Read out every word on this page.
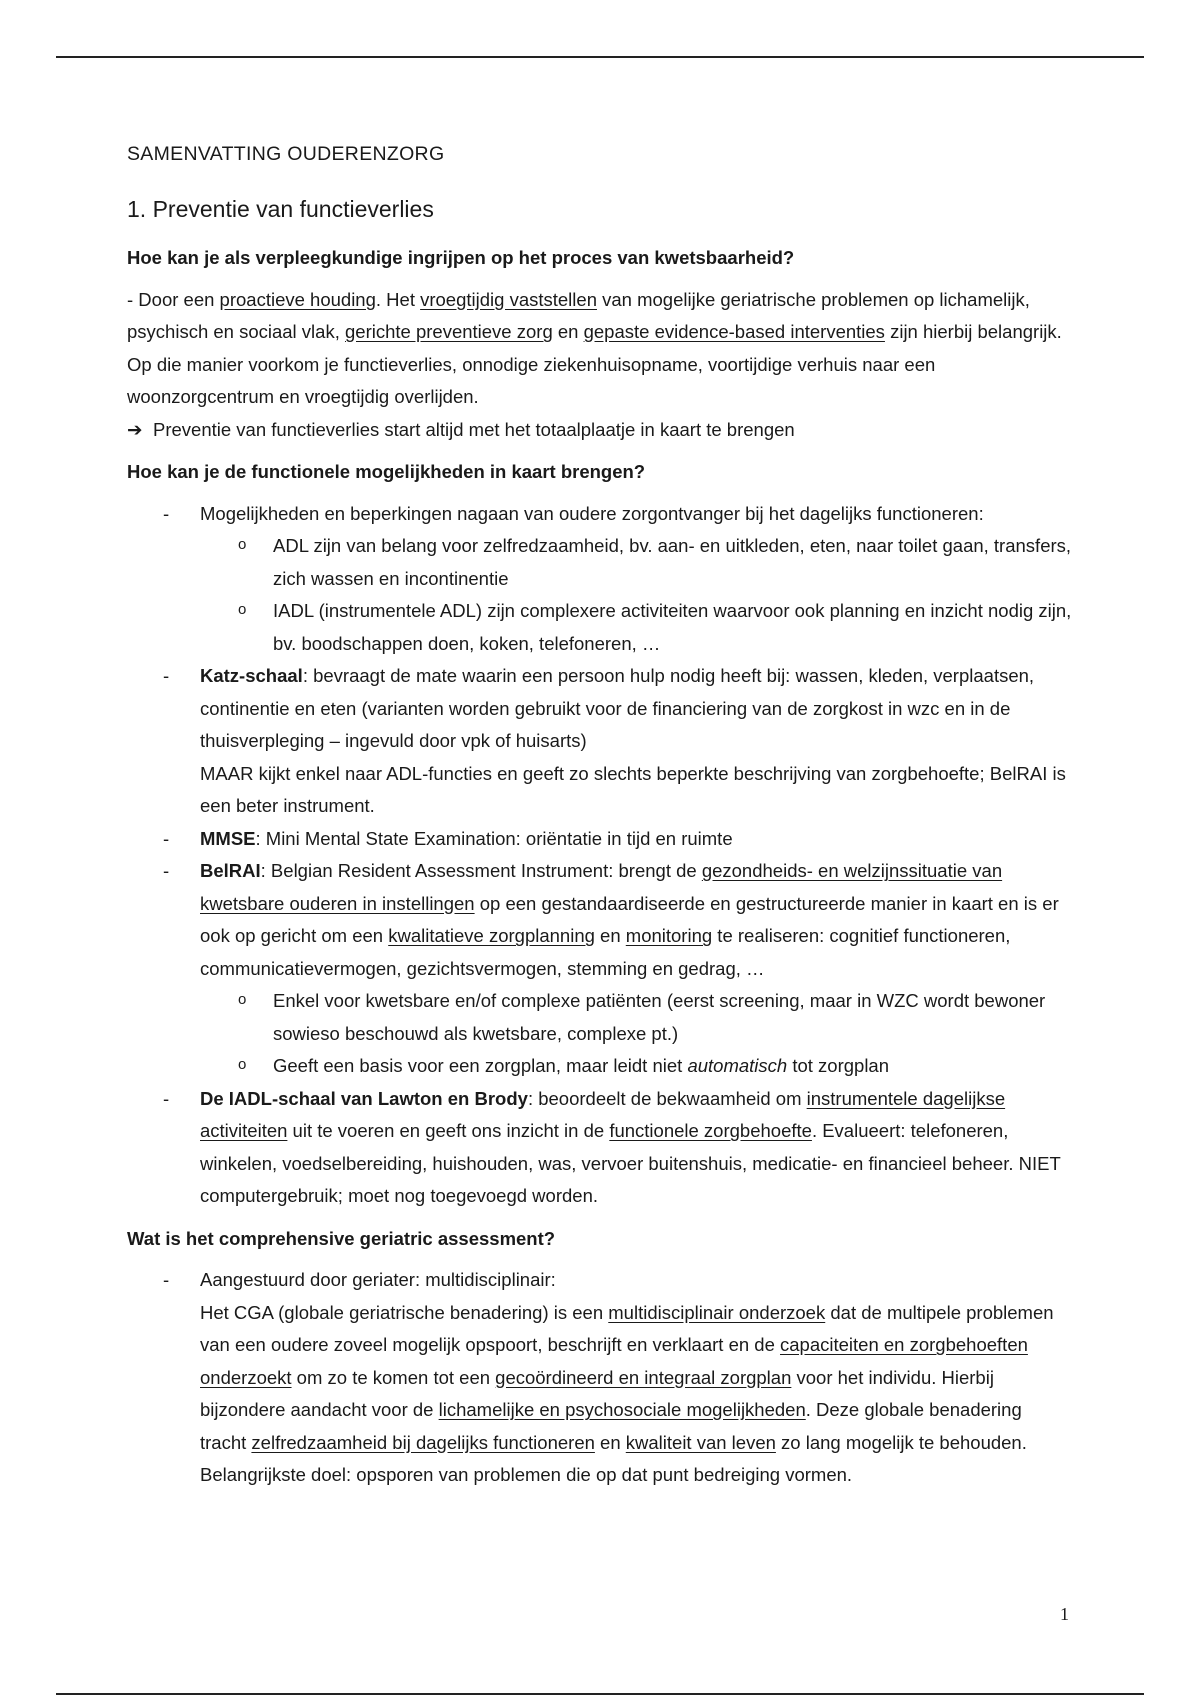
SAMENVATTING OUDERENZORG
1. Preventie van functieverlies
Hoe kan je als verpleegkundige ingrijpen op het proces van kwetsbaarheid?

- Door een proactieve houding. Het vroegtijdig vaststellen van mogelijke geriatrische problemen op lichamelijk, psychisch en sociaal vlak, gerichte preventieve zorg en gepaste evidence-based interventies zijn hierbij belangrijk. Op die manier voorkom je functieverlies, onnodige ziekenhuisopname, voortijdige verhuis naar een woonzorgcentrum en vroegtijdig overlijden.

➔ Preventie van functieverlies start altijd met het totaalplaatje in kaart te brengen

Hoe kan je de functionele mogelijkheden in kaart brengen?
- Mogelijkheden en beperkingen nagaan van oudere zorgontvanger bij het dagelijks functioneren:
o ADL zijn van belang voor zelfredzaamheid, bv. aan- en uitkleden, eten, naar toilet gaan, transfers, zich wassen en incontinentie
o IADL (instrumentele ADL) zijn complexere activiteiten waarvoor ook planning en inzicht nodig zijn, bv. boodschappen doen, koken, telefoneren, …
- Katz-schaal: bevraagt de mate waarin een persoon hulp nodig heeft bij: wassen, kleden, verplaatsen, continentie en eten (varianten worden gebruikt voor de financiering van de zorgkost in wzc en in de thuisverpleging – ingevuld door vpk of huisarts)
MAAR kijkt enkel naar ADL-functies en geeft zo slechts beperkte beschrijving van zorgbehoefte; BelRAI is een beter instrument.
- MMSE: Mini Mental State Examination: oriëntatie in tijd en ruimte
- BelRAI: Belgian Resident Assessment Instrument: brengt de gezondheids- en welzijnssituatie van kwetsbare ouderen in instellingen op een gestandaardiseerde en gestructureerde manier in kaart en is er ook op gericht om een kwalitatieve zorgplanning en monitoring te realiseren: cognitief functioneren, communicatievermogen, gezichtsvermogen, stemming en gedrag, …
o Enkel voor kwetsbare en/of complexe patiënten (eerst screening, maar in WZC wordt bewoner sowieso beschouwd als kwetsbare, complexe pt.)
o Geeft een basis voor een zorgplan, maar leidt niet automatisch tot zorgplan
- De IADL-schaal van Lawton en Brody: beoordeelt de bekwaamheid om instrumentele dagelijkse activiteiten uit te voeren en geeft ons inzicht in de functionele zorgbehoefte. Evalueert: telefoneren, winkelen, voedselbereiding, huishouden, was, vervoer buitenshuis, medicatie- en financieel beheer. NIET computergebruik; moet nog toegevoegd worden.
Wat is het comprehensive geriatric assessment?
- Aangestuurd door geriater: multidisciplinair:
Het CGA (globale geriatrische benadering) is een multidisciplinair onderzoek dat de multipele problemen van een oudere zoveel mogelijk opspoort, beschrijft en verklaart en de capaciteiten en zorgbehoeften onderzoekt om zo te komen tot een gecoördineerd en integraal zorgplan voor het individu. Hierbij bijzondere aandacht voor de lichamelijke en psychosociale mogelijkheden. Deze globale benadering tracht zelfredzaamheid bij dagelijks functioneren en kwaliteit van leven zo lang mogelijk te behouden. Belangrijkste doel: opsporen van problemen die op dat punt bedreiging vormen.
1
